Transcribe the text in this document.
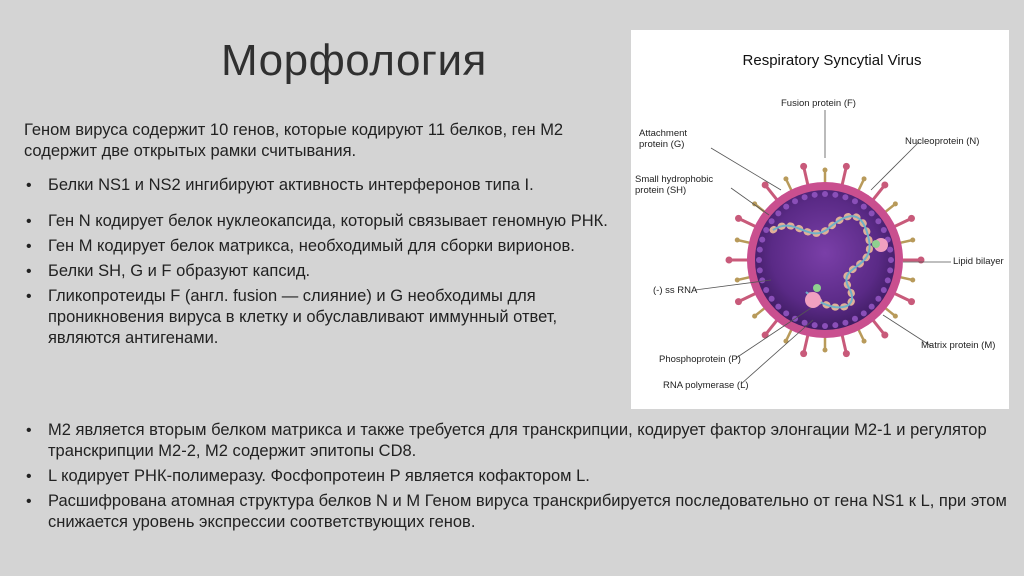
Морфология
Геном вируса содержит 10 генов, которые кодируют 11 белков, ген M2 содержит две открытых рамки считывания.
• Белки NS1 и NS2 ингибируют активность интерферонов типа I.
• Ген N кодирует белок нуклеокапсида, который связывает геномную РНК.
• Ген M кодирует белок матрикса, необходимый для сборки вирионов.
• Белки SH, G и F образуют капсид.
• Гликопротеиды F (англ. fusion — слияние) и G необходимы для проникновения вируса в клетку и обуславливают иммунный ответ, являются антигенами.
• M2 является вторым белком матрикса и также требуется для транскрипции, кодирует фактор элонгации M2-1 и регулятор транскрипции M2-2, M2 содержит эпитопы CD8.
• L кодирует РНК-полимеразу. Фосфопротеин P является кофактором L.
• Расшифрована атомная структура белков N и M Геном вируса транскрибируется последовательно от гена NS1 к L, при этом снижается уровень экспрессии соответствующих генов.
Respiratory Syncytial Virus
Fusion protein (F)
Attachment
protein (G)	Nucleoprotein (N)
Small hydrophobic
protein (SH)
Lipid bilayer
(-) ss RNA
Matrix protein (M)
Phosphoprotein (P)
RNA polymerase (L)
